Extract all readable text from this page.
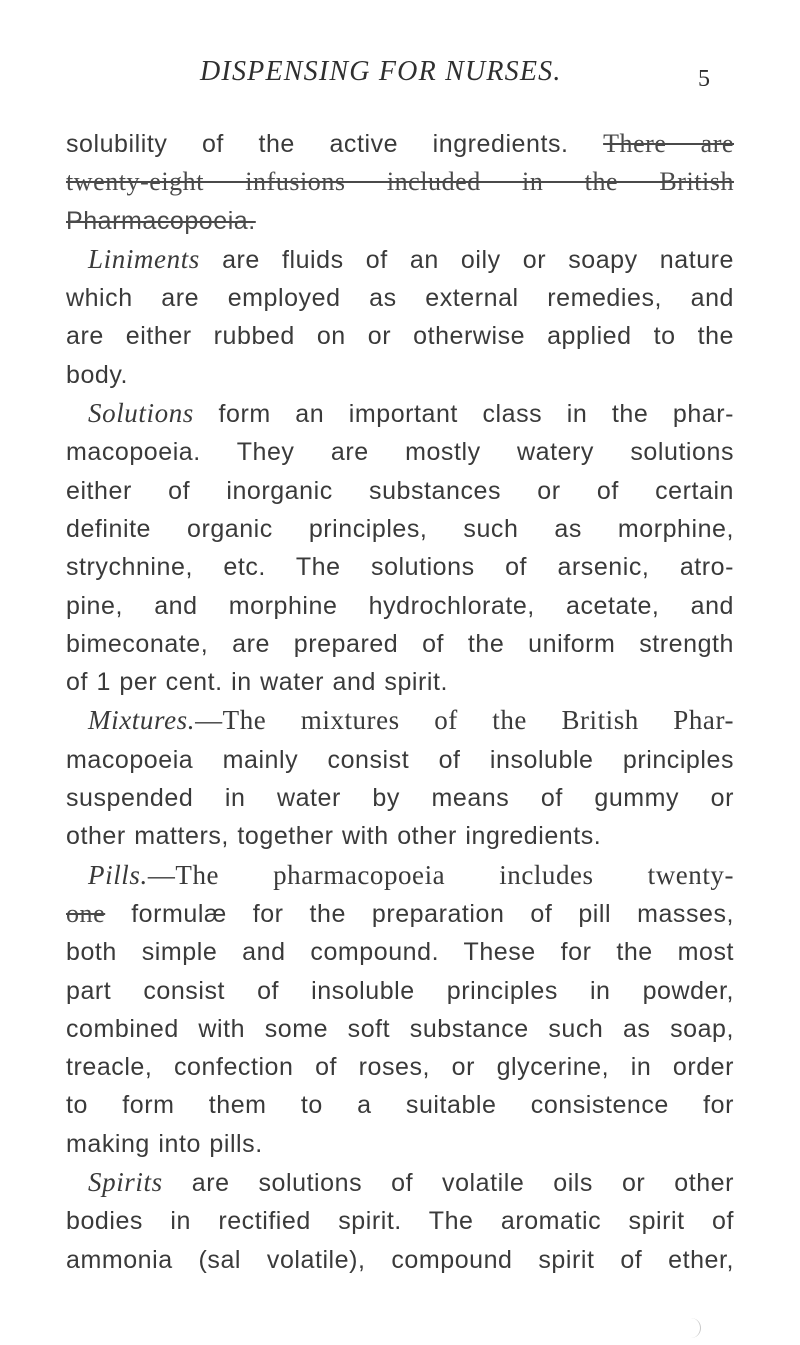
DISPENSING FOR NURSES.	5
solubility of the active ingredients. There are
twenty-eight infusions included in the British
Pharmacopoeia.
Liniments are fluids of an oily or soapy nature
which are employed as external remedies, and
are either rubbed on or otherwise applied to the
body.
Solutions form an important class in the phar-
macopoeia. They are mostly watery solutions
either of inorganic substances or of certain
definite organic principles, such as morphine,
strychnine, etc. The solutions of arsenic, atro-
pine, and morphine hydrochlorate, acetate, and
bimeconate, are prepared of the uniform strength
of 1 per cent. in water and spirit.
Mixtures.—The mixtures of the British Phar-
macopoeia mainly consist of insoluble principles
suspended in water by means of gummy or
other matters, together with other ingredients.
Pills.—The pharmacopoeia includes twenty-
one formulæ for the preparation of pill masses,
both simple and compound. These for the most
part consist of insoluble principles in powder,
combined with some soft substance such as soap,
treacle, confection of roses, or glycerine, in order
to form them to a suitable consistence for
making into pills.
Spirits are solutions of volatile oils or other
bodies in rectified spirit. The aromatic spirit of
ammonia (sal volatile), compound spirit of ether,
